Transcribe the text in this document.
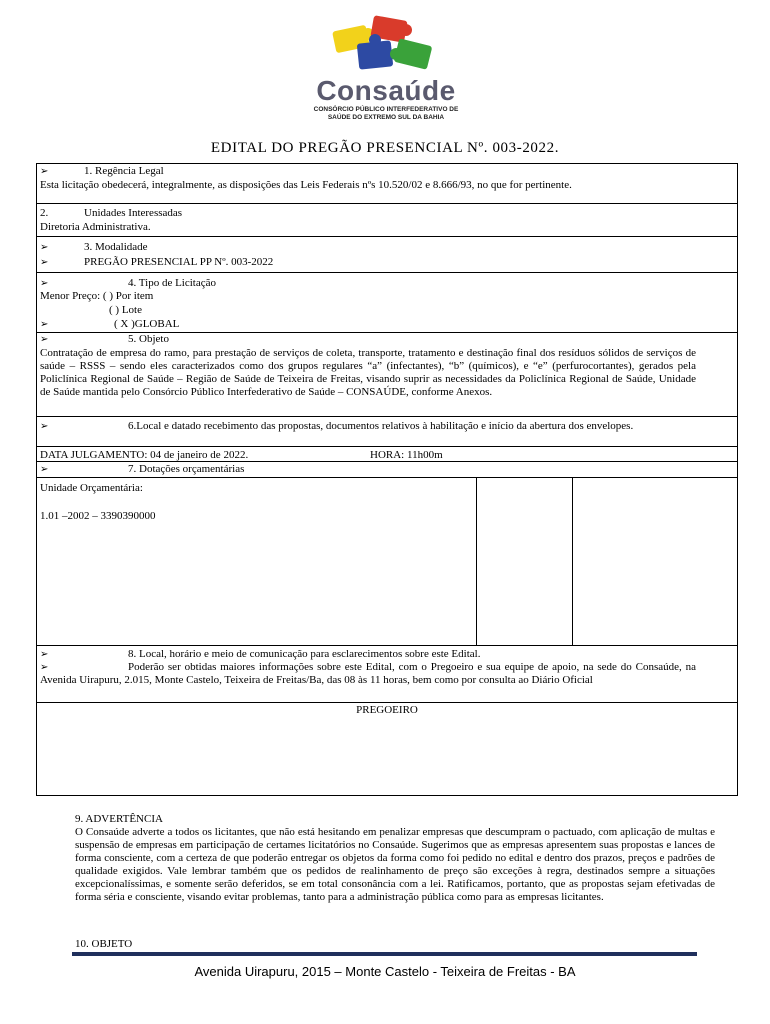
Consaúde
CONSÓRCIO PÚBLICO INTERFEDERATIVO DE
SAÚDE DO EXTREMO SUL DA BAHIA
EDITAL DO PREGÃO PRESENCIAL Nº. 003-2022.
➢	1. Regência Legal
Esta licitação obedecerá, integralmente, as disposições das Leis Federais nºs 10.520/02 e 8.666/93, no que for pertinente.
2.	Unidades Interessadas
Diretoria Administrativa.
➢	3. Modalidade
➢	PREGÃO PRESENCIAL PP Nº. 003-2022
➢	4. Tipo de Licitação
Menor Preço: ( ) Por item
( ) Lote
➢	( X )GLOBAL
➢	5. Objeto
Contratação de empresa do ramo, para prestação de serviços de coleta, transporte, tratamento e destinação final dos resíduos sólidos de serviços de saúde – RSSS – sendo eles caracterizados como dos grupos regulares “a” (infectantes), “b” (químicos), e “e” (perfurocortantes), gerados pela Policlínica Regional de Saúde – Região de Saúde de Teixeira de Freitas, visando suprir as necessidades da Policlínica Regional de Saúde, Unidade de Saúde mantida pelo Consórcio Público Interfederativo de Saúde – CONSAÚDE, conforme Anexos.
➢	6.Local e datado recebimento das propostas, documentos relativos à habilitação e início da abertura dos envelopes.
DATA JULGAMENTO: 04 de janeiro de 2022.	HORA: 11h00m
➢	7. Dotações orçamentárias
Unidade Orçamentária:
1.01 –2002 – 3390390000
➢	8. Local, horário e meio de comunicação para esclarecimentos sobre este Edital.
➢	Poderão ser obtidas maiores informações sobre este Edital, com o Pregoeiro e sua equipe de apoio, na sede do Consaúde, na Avenida Uirapuru, 2.015, Monte Castelo, Teixeira de Freitas/Ba, das 08 às 11 horas, bem como por consulta ao Diário Oficial
PREGOEIRO

9. ADVERTÊNCIA

O Consaúde adverte a todos os licitantes, que não está hesitando em penalizar empresas que descumpram o pactuado, com aplicação de multas e suspensão de empresas em participação de certames licitatórios no Consaúde. Sugerimos que as empresas apresentem suas propostas e lances de forma consciente, com a certeza de que poderão entregar os objetos da forma como foi pedido no edital e dentro dos prazos, preços e padrões de qualidade exigidos. Vale lembrar também que os pedidos de realinhamento de preço são exceções à regra, destinados sempre a situações excepcionalíssimas, e somente serão deferidos, se em total consonância com a lei. Ratificamos, portanto, que as propostas sejam efetivadas de forma séria e consciente, visando evitar problemas, tanto para a administração pública como para as empresas licitantes.

10. OBJETO
Avenida Uirapuru, 2015 – Monte Castelo - Teixeira de Freitas - BA
